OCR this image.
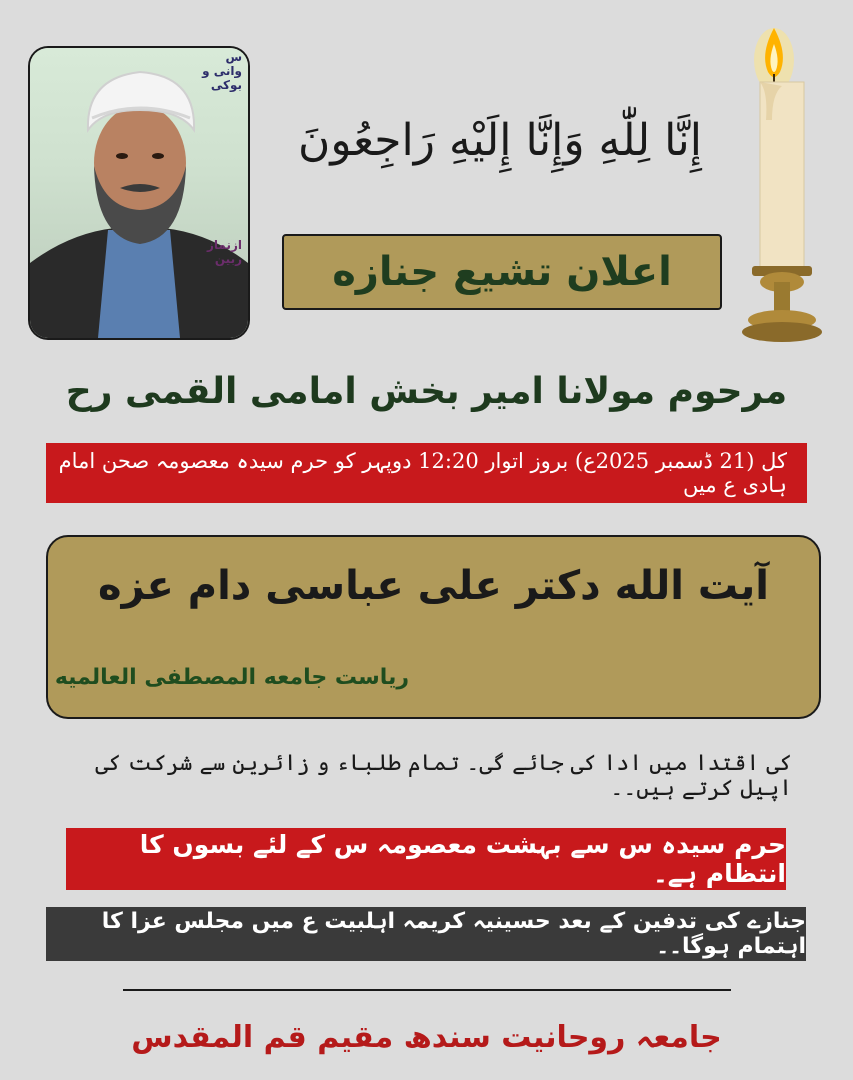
س
وانی و
بوکی
ازنماز
ربین
إِنَّا لِلّٰهِ وَإِنَّا إِلَيْهِ رَاجِعُونَ
اعلان تشیع جنازه
مرحوم مولانا امیر بخش امامی القمی رح
کل (21 ڈسمبر 2025ع) بروز اتوار 12:20 دوپہر کو حرم سیدہ معصومہ صحن امام ہادی ع میں
آیت الله دکتر علی عباسی دام عزه
ریاست جامعه المصطفی العالمیه
کی اقتدا میں ادا کی جائے گی۔ تمام طلباء و زائرین سے شرکت کی اپیل کرتے ہیں۔۔
حرم سیدہ س سے بہشت معصومہ س کے لئے بسوں کا انتظام ہے۔
جنازے کی تدفین کے بعد حسینیہ کریمہ اہلبیت ع میں مجلس عزا کا اہتمام ہوگا۔۔
جامعہ روحانیت سندھ مقیم قم المقدس
